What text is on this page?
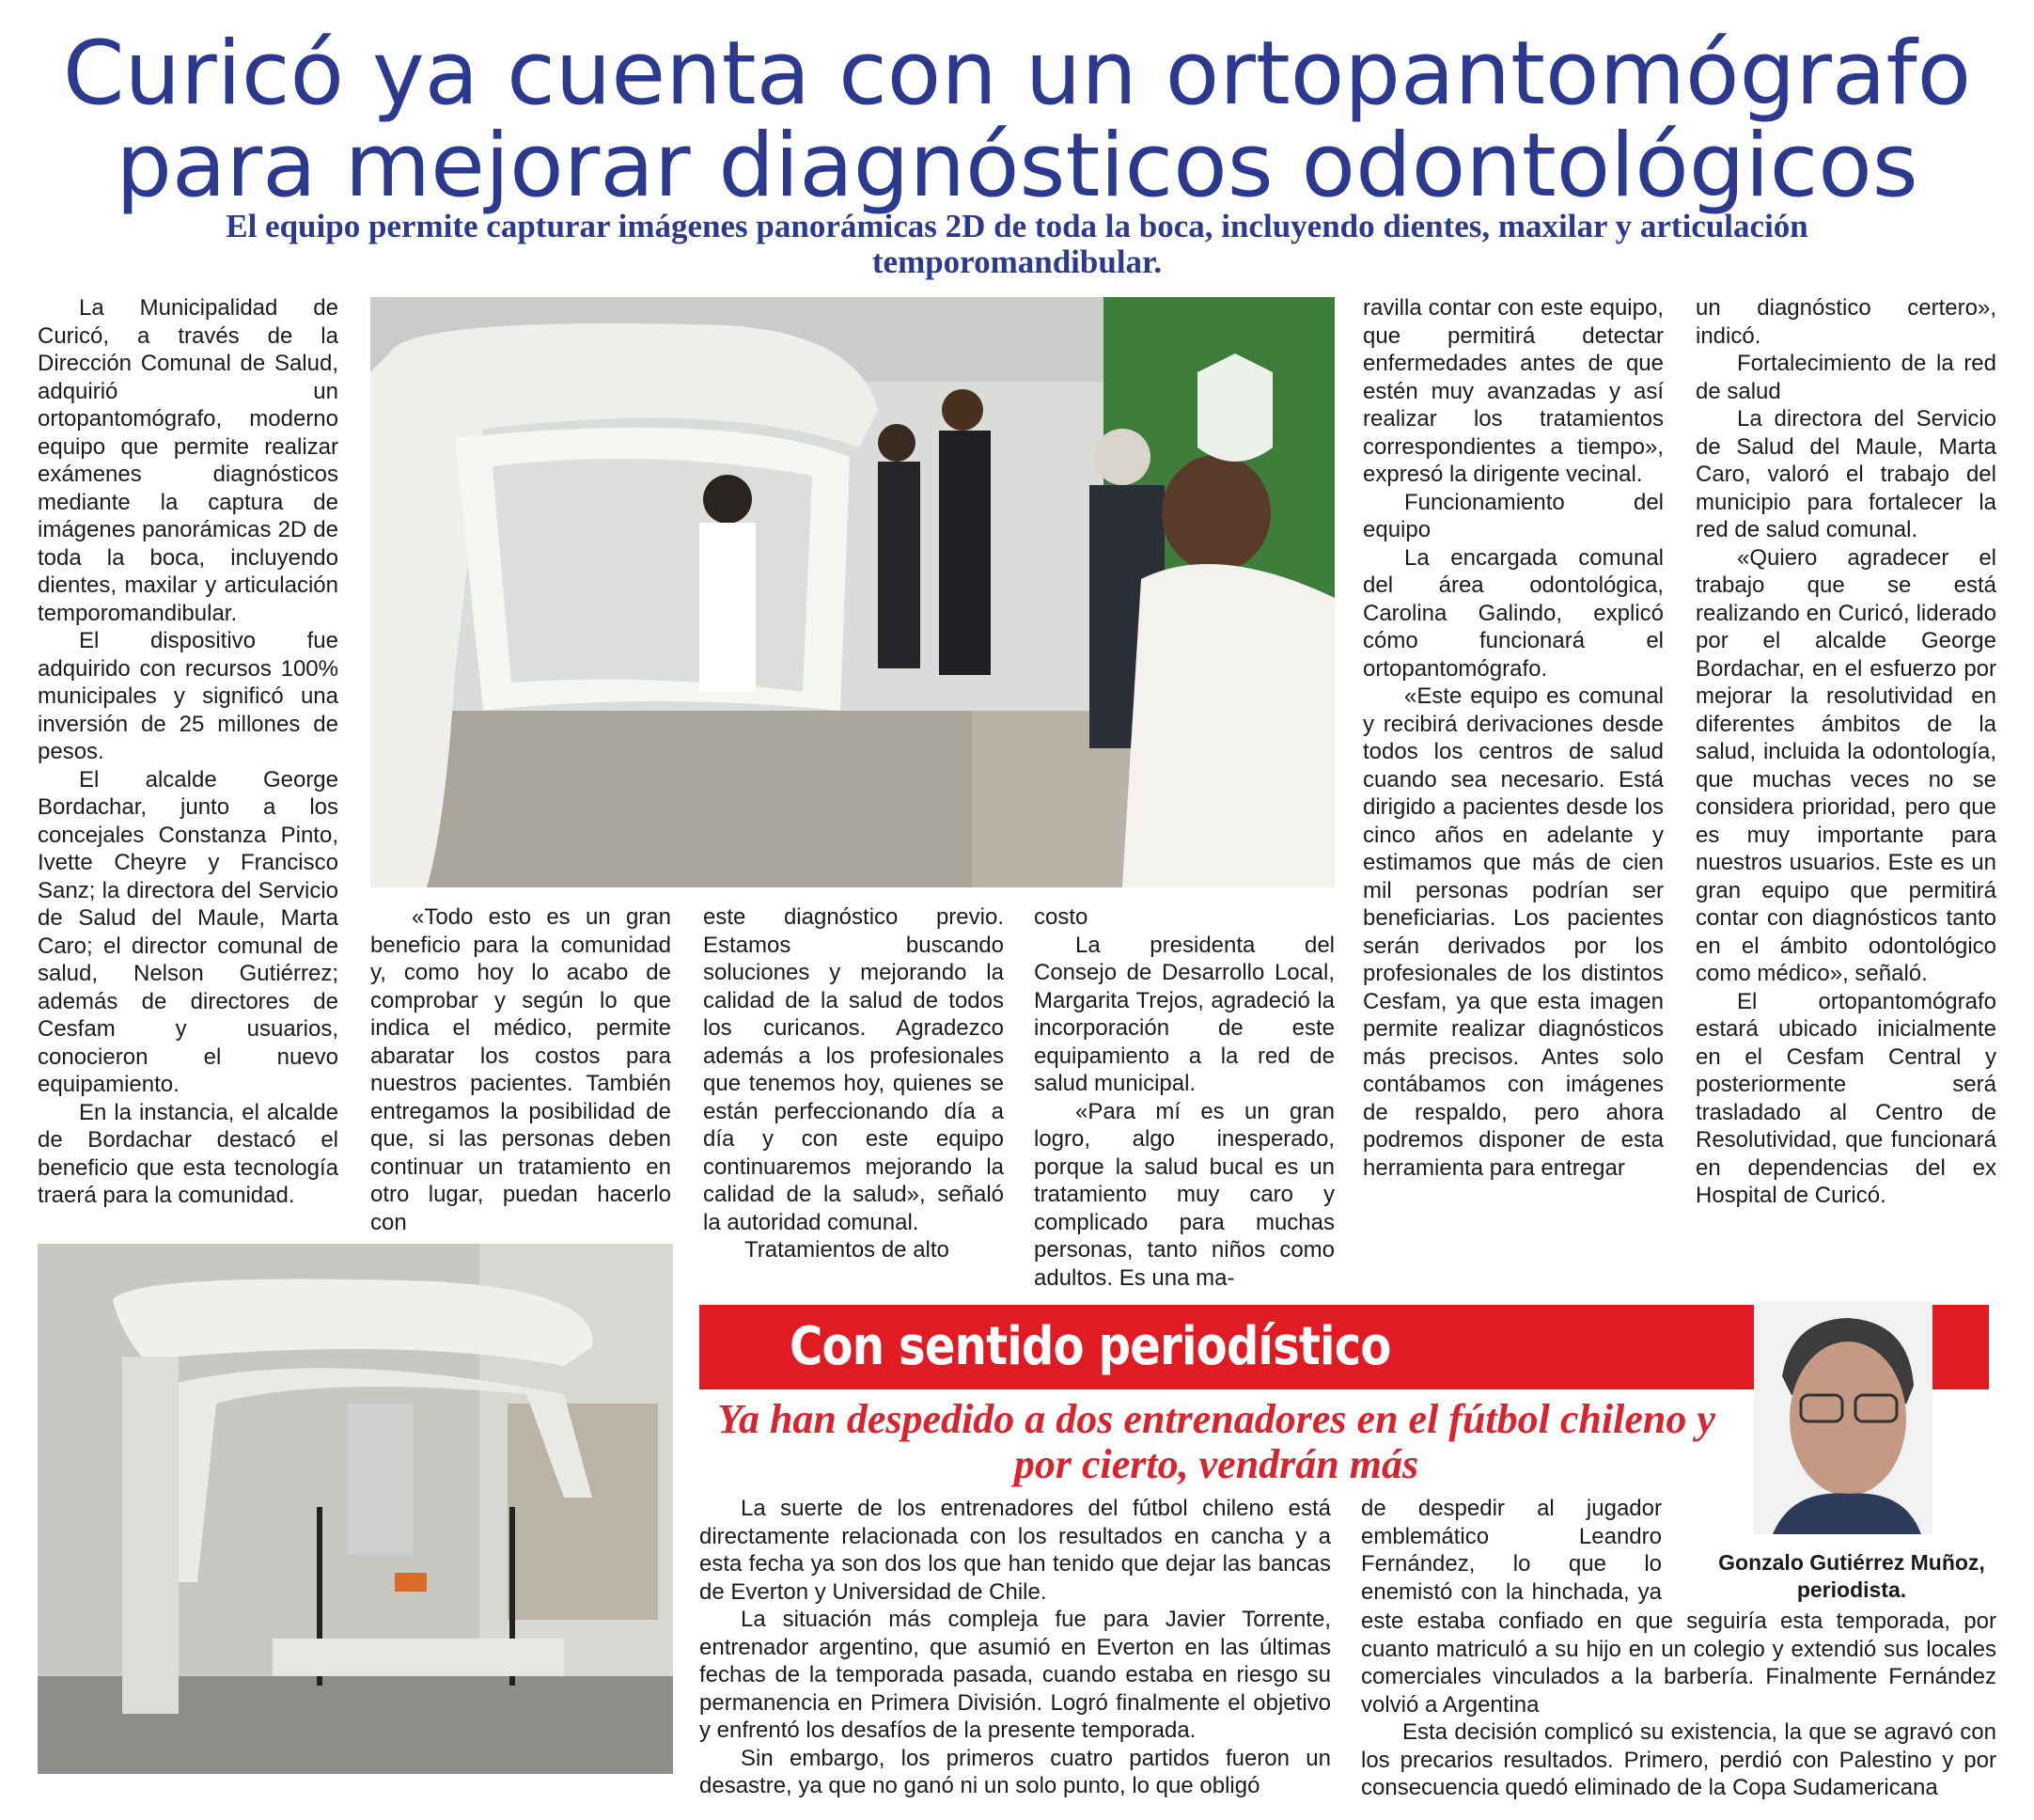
Curicó ya cuenta con un ortopantomógrafo para mejorar diagnósticos odontológicos
El equipo permite capturar imágenes panorámicas 2D de toda la boca, incluyendo dientes, maxilar y articulación temporomandibular.

La Municipalidad de Curicó, a través de la Dirección Comunal de Salud, adquirió un ortopantomógrafo, moderno equipo que permite realizar exámenes diagnósticos mediante la captura de imágenes panorámicas 2D de toda la boca, incluyendo dientes, maxilar y articulación temporomandibular.

El dispositivo fue adquirido con recursos 100% municipales y significó una inversión de 25 millones de pesos.

El alcalde George Bordachar, junto a los concejales Constanza Pinto, Ivette Cheyre y Francisco Sanz; la directora del Servicio de Salud del Maule, Marta Caro; el director comunal de salud, Nelson Gutiérrez; además de directores de Cesfam y usuarios, conocieron el nuevo equipamiento.

En la instancia, el alcalde de Bordachar destacó el beneficio que esta tecnología traerá para la comunidad.

«Todo esto es un gran beneficio para la comunidad y, como hoy lo acabo de comprobar y según lo que indica el médico, permite abaratar los costos para nuestros pacientes. También entregamos la posibilidad de que, si las personas deben continuar un tratamiento en otro lugar, puedan hacerlo con

este diagnóstico previo. Estamos buscando soluciones y mejorando la calidad de la salud de todos los curicanos. Agradezco además a los profesionales que tenemos hoy, quienes se están perfeccionando día a día y con este equipo continuaremos mejorando la calidad de la salud», señaló la autoridad comunal.

Tratamientos de alto

costo

La presidenta del Consejo de Desarrollo Local, Margarita Trejos, agradeció la incorporación de este equipamiento a la red de salud municipal.

«Para mí es un gran logro, algo inesperado, porque la salud bucal es un tratamiento muy caro y complicado para muchas personas, tanto niños como adultos. Es una ma-

ravilla contar con este equipo, que permitirá detectar enfermedades antes de que estén muy avanzadas y así realizar los tratamientos correspondientes a tiempo», expresó la dirigente vecinal.

Funcionamiento del equipo

La encargada comunal del área odontológica, Carolina Galindo, explicó cómo funcionará el ortopantomógrafo.

«Este equipo es comunal y recibirá derivaciones desde todos los centros de salud cuando sea necesario. Está dirigido a pacientes desde los cinco años en adelante y estimamos que más de cien mil personas podrían ser beneficiarias. Los pacientes serán derivados por los profesionales de los distintos Cesfam, ya que esta imagen permite realizar diagnósticos más precisos. Antes solo contábamos con imágenes de respaldo, pero ahora podremos disponer de esta herramienta para entregar

un diagnóstico certero», indicó.

Fortalecimiento de la red de salud

La directora del Servicio de Salud del Maule, Marta Caro, valoró el trabajo del municipio para fortalecer la red de salud comunal.

«Quiero agradecer el trabajo que se está realizando en Curicó, liderado por el alcalde George Bordachar, en el esfuerzo por mejorar la resolutividad en diferentes ámbitos de la salud, incluida la odontología, que muchas veces no se considera prioridad, pero que es muy importante para nuestros usuarios. Este es un gran equipo que permitirá contar con diagnósticos tanto en el ámbito odontológico como médico», señaló.

El ortopantomógrafo estará ubicado inicialmente en el Cesfam Central y posteriormente será trasladado al Centro de Resolutividad, que funcionará en dependencias del ex Hospital de Curicó.

Con sentido periodístico

Gonzalo Gutiérrez Muñoz, periodista.

Ya han despedido a dos entrenadores en el fútbol chileno y por cierto, vendrán más

La suerte de los entrenadores del fútbol chileno está directamente relacionada con los resultados en cancha y a esta fecha ya son dos los que han tenido que dejar las bancas de Everton y Universidad de Chile.

La situación más compleja fue para Javier Torrente, entrenador argentino, que asumió en Everton en las últimas fechas de la temporada pasada, cuando estaba en riesgo su permanencia en Primera División. Logró finalmente el objetivo y enfrentó los desafíos de la presente temporada.

Sin embargo, los primeros cuatro partidos fueron un desastre, ya que no ganó ni un solo punto, lo que obligó

de despedir al jugador emblemático Leandro Fernández, lo que lo enemistó con la hinchada, ya

este estaba confiado en que seguiría esta temporada, por cuanto matriculó a su hijo en un colegio y extendió sus locales comerciales vinculados a la barbería. Finalmente Fernández volvió a Argentina

Esta decisión complicó su existencia, la que se agravó con los precarios resultados. Primero, perdió con Palestino y por consecuencia quedó eliminado de la Copa Sudamericana
